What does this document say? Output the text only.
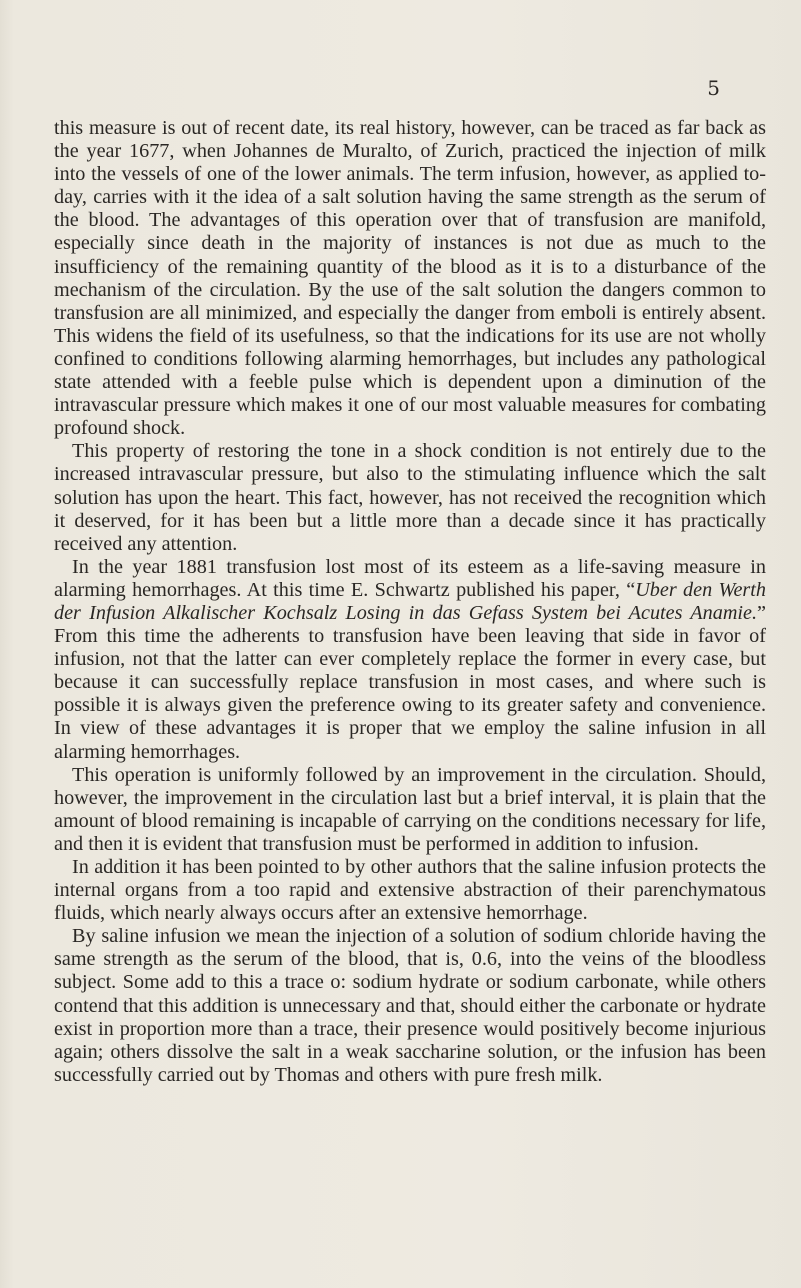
5

this measure is out of recent date, its real history, however, can be traced as far back as the year 1677, when Johannes de Muralto, of Zurich, practiced the injection of milk into the vessels of one of the lower animals. The term infusion, however, as applied to-day, carries with it the idea of a salt solution having the same strength as the serum of the blood. The advantages of this operation over that of transfusion are manifold, especially since death in the majority of instances is not due as much to the insufficiency of the remaining quantity of the blood as it is to a disturbance of the mechanism of the circulation. By the use of the salt solution the dangers common to transfusion are all minimized, and especially the danger from emboli is entirely absent. This widens the field of its usefulness, so that the indications for its use are not wholly confined to conditions following alarming hemorrhages, but includes any pathological state attended with a feeble pulse which is dependent upon a diminution of the intravascular pressure which makes it one of our most valuable measures for combating profound shock.

This property of restoring the tone in a shock condition is not entirely due to the increased intravascular pressure, but also to the stimulating influence which the salt solution has upon the heart. This fact, however, has not received the recognition which it deserved, for it has been but a little more than a decade since it has practically received any attention.

In the year 1881 transfusion lost most of its esteem as a life-saving measure in alarming hemorrhages. At this time E. Schwartz published his paper, “Uber den Werth der Infusion Alkalischer Kochsalz Losing in das Gefass System bei Acutes Anamie.” From this time the adherents to transfusion have been leaving that side in favor of infusion, not that the latter can ever completely replace the former in every case, but because it can successfully replace transfusion in most cases, and where such is possible it is always given the preference owing to its greater safety and convenience. In view of these advantages it is proper that we employ the saline infusion in all alarming hemorrhages.

This operation is uniformly followed by an improvement in the circulation. Should, however, the improvement in the circulation last but a brief interval, it is plain that the amount of blood remaining is incapable of carrying on the conditions necessary for life, and then it is evident that transfusion must be performed in addition to infusion.

In addition it has been pointed to by other authors that the saline infusion protects the internal organs from a too rapid and extensive abstraction of their parenchymatous fluids, which nearly always occurs after an extensive hemorrhage.

By saline infusion we mean the injection of a solution of sodium chloride having the same strength as the serum of the blood, that is, 0.6, into the veins of the bloodless subject. Some add to this a trace o: sodium hydrate or sodium carbonate, while others contend that this addition is unnecessary and that, should either the carbonate or hydrate exist in proportion more than a trace, their presence would positively become injurious again; others dissolve the salt in a weak saccharine solution, or the infusion has been successfully carried out by Thomas and others with pure fresh milk.
